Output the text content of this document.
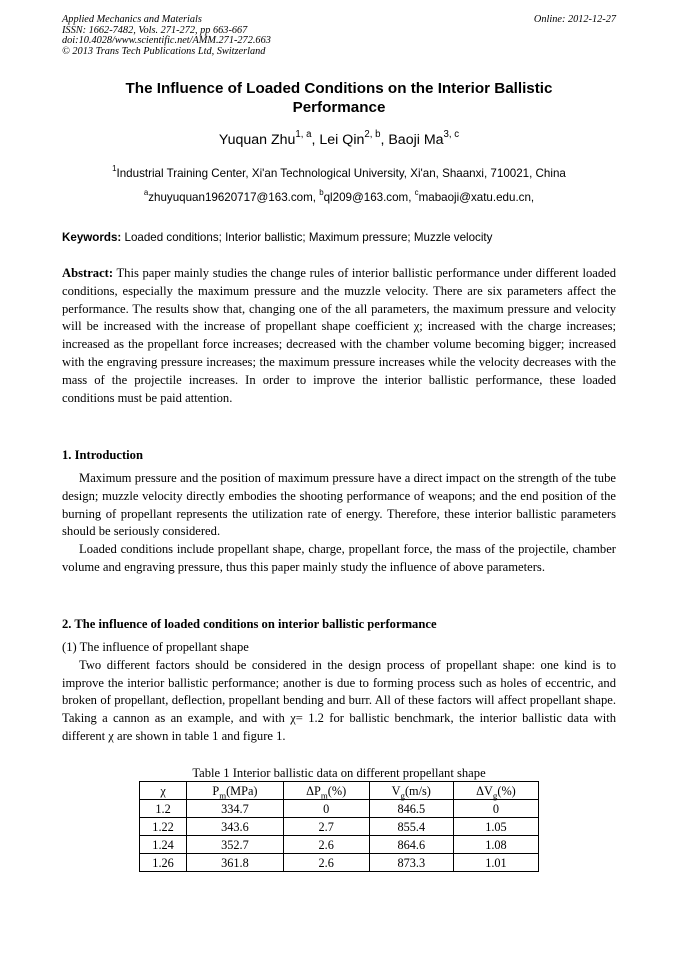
Applied Mechanics and Materials
ISSN: 1662-7482, Vols. 271-272, pp 663-667
doi:10.4028/www.scientific.net/AMM.271-272.663
© 2013 Trans Tech Publications Ltd, Switzerland
Online: 2012-12-27
The Influence of Loaded Conditions on the Interior Ballistic
Performance
Yuquan Zhu$^{1, a}$, Lei Qin$^{2, b}$, Baoji Ma$^{3, c}$
$^1$Industrial Training Center, Xi'an Technological University, Xi'an, Shaanxi, 710021, China
$^a$zhuyuquan19620717@163.com, $^b$ql209@163.com, $^c$mabaoji@xatu.edu.cn,
Keywords: Loaded conditions; Interior ballistic; Maximum pressure; Muzzle velocity

Abstract: This paper mainly studies the change rules of interior ballistic performance under different loaded conditions, especially the maximum pressure and the muzzle velocity. There are six parameters affect the performance. The results show that, changing one of the all parameters, the maximum pressure and velocity will be increased with the increase of propellant shape coefficient χ; increased with the charge increases; increased as the propellant force increases; decreased with the chamber volume becoming bigger; increased with the engraving pressure increases; the maximum pressure increases while the velocity decreases with the mass of the projectile increases. In order to improve the interior ballistic performance, these loaded conditions must be paid attention.

1. Introduction

Maximum pressure and the position of maximum pressure have a direct impact on the strength of the tube design; muzzle velocity directly embodies the shooting performance of weapons; and the end position of the burning of propellant represents the utilization rate of energy. Therefore, these interior ballistic parameters should be seriously considered.

Loaded conditions include propellant shape, charge, propellant force, the mass of the projectile, chamber volume and engraving pressure, thus this paper mainly study the influence of above parameters.

2. The influence of loaded conditions on interior ballistic performance

(1) The influence of propellant shape

Two different factors should be considered in the design process of propellant shape: one kind is to improve the interior ballistic performance; another is due to forming process such as holes of eccentric, and broken of propellant, deflection, propellant bending and burr. All of these factors will affect propellant shape. Taking a cannon as an example, and with χ= 1.2 for ballistic benchmark, the interior ballistic data with different χ are shown in table 1 and figure 1.

Table 1 Interior ballistic data on different propellant shape
χ	$P_m(MPa)$	$\Delta P_m(\%)$	$V_g(m/s)$	$\Delta V_g(\%)$
1.2	334.7	0	846.5	0
1.22	343.6	2.7	855.4	1.05
1.24	352.7	2.6	864.6	1.08
1.26	361.8	2.6	873.3	1.01
